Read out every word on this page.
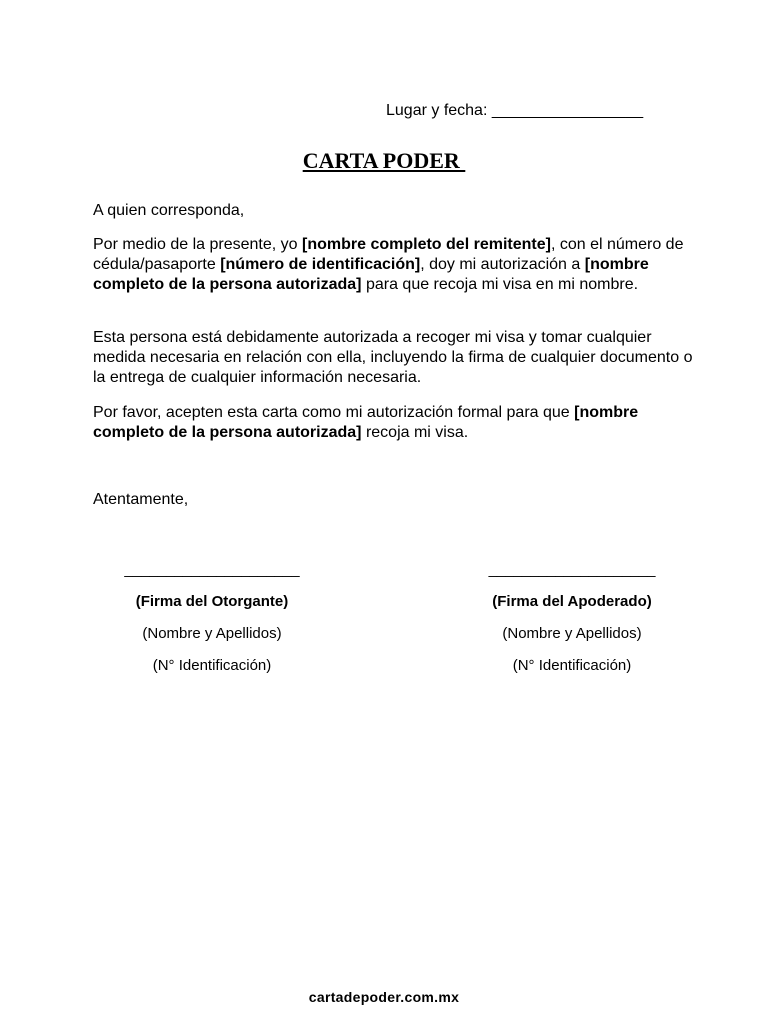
Lugar y fecha: _________________
CARTA PODER

A quien corresponda,

Por medio de la presente, yo [nombre completo del remitente], con el número de cédula/pasaporte [número de identificación], doy mi autorización a [nombre completo de la persona autorizada] para que recoja mi visa en mi nombre.

Esta persona está debidamente autorizada a recoger mi visa y tomar cualquier medida necesaria en relación con ella, incluyendo la firma de cualquier documento o la entrega de cualquier información necesaria.

Por favor, acepten esta carta como mi autorización formal para que [nombre completo de la persona autorizada] recoja mi visa.

Atentamente,

_____________________
(Firma del Otorgante)
(Nombre y Apellidos)
(N° Identificación)
____________________
(Firma del Apoderado)
(Nombre y Apellidos)
(N° Identificación)
cartadepoder.com.mx
